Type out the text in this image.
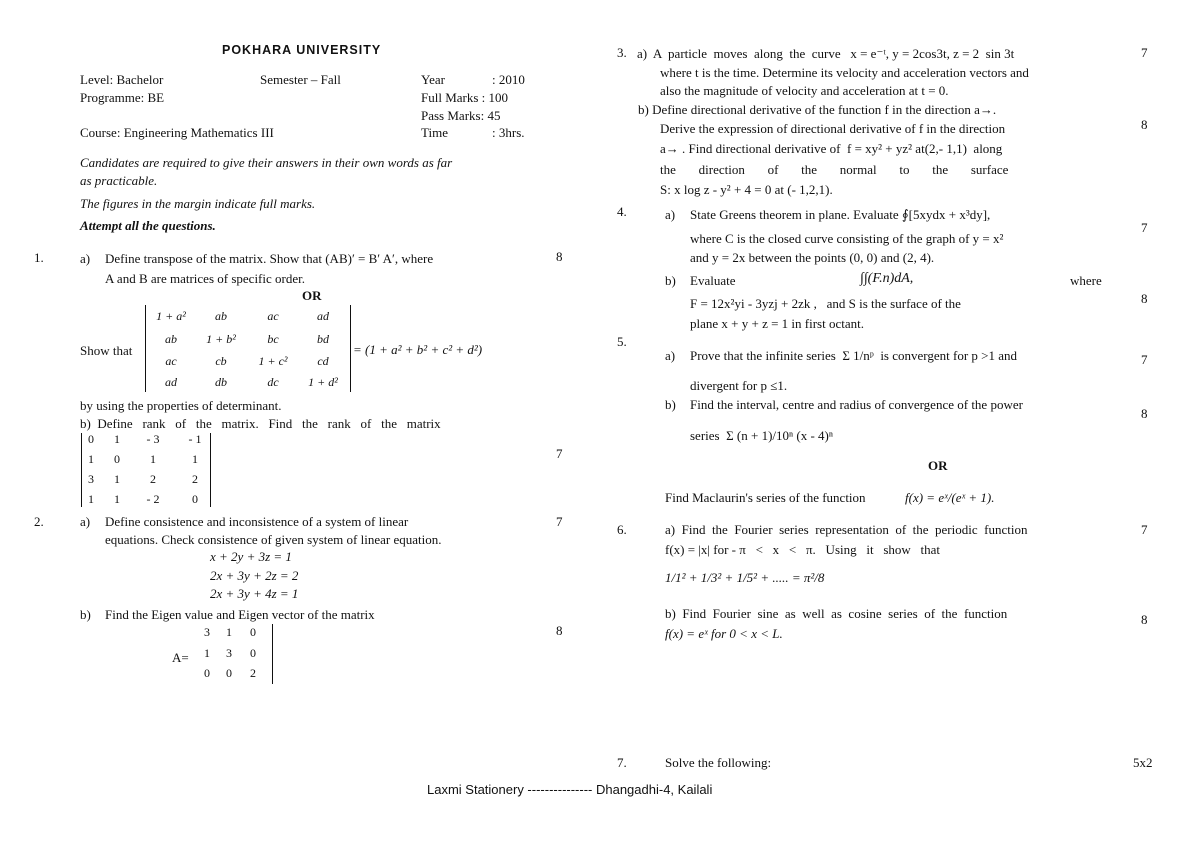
POKHARA UNIVERSITY
Level: Bachelor	Semester – Fall	Year	: 2010
Programme: BE	Full Marks : 100
Pass Marks: 45
Course: Engineering Mathematics III	Time	: 3hrs.
Candidates are required to give their answers in their own words as far
as practicable.
The figures in the margin indicate full marks.
Attempt all the questions.
1.	a) Define transpose of the matrix. Show that (AB)′ = B′ A′, where
A and B are matrices of specific order.
8
OR
Show that
1 + a²	ab	ac	ad
ab	1 + b²	bc	bd
ac	cb	1 + c²	cd
ad	db	dc	1 + d²
= (1 + a² + b² + c² + d²)
by using the properties of determinant.
b)  Define   rank   of   the   matrix.   Find   the   rank   of   the   matrix
7
0	1	- 3	- 1
1	0	1	1
3	1	2	2
1	1	- 2	0
2.	a) Define consistence and inconsistence of a system of linear
equations. Check consistence of given system of linear equation.
7
x + 2y + 3z = 1
2x + 3y + 2z = 2
2x + 3y + 4z = 1
b) Find the Eigen value and Eigen vector of the matrix
8
A=
3	1	0
1	3	0
0	0	2
3. a)  A  particle  moves  along  the  curve   x = e⁻ᵗ, y = 2cos3t, z = 2  sin 3t
where t is the time. Determine its velocity and acceleration vectors and
also the magnitude of velocity and acceleration at t = 0.
7
b) Define directional derivative of the function f in the direction a→.
Derive the expression of directional derivative of f in the direction
a→ . Find directional derivative of  f = xy² + yz² at(2,- 1,1)  along
the       direction       of       the       normal       to       the       surface
S: x log z - y² + 4 = 0 at (- 1,2,1).
8
4.	a) State Greens theorem in plane. Evaluate ∮[5xydx + x³dy],
where C is the closed curve consisting of the graph of y = x²
and y = 2x between the points (0, 0) and (2, 4).
7
b) Evaluate	∫∫(F.n)dA,	where
F = 12x²yi - 3yzj + 2zk ,   and S is the surface of the
plane x + y + z = 1 in first octant.
8
5.
a) Prove that the infinite series  Σ 1/nᵖ  is convergent for p >1 and
divergent for p ≤1.
7
b) Find the interval, centre and radius of convergence of the power
series  Σ (n + 1)/10ⁿ (x - 4)ⁿ
8
OR
Find Maclaurin's series of the function	f(x) = eˣ/(eˣ + 1).
6.	a)  Find  the  Fourier  series  representation  of  the  periodic  function
f(x) = |x| for - π   <   x   <   π.   Using   it   show   that
1/1² + 1/3² + 1/5² + ..... = π²/8
7
b)  Find  Fourier  sine  as  well  as  cosine  series  of  the  function
f(x) = eˣ for 0 < x < L.
8
7.	Solve the following:	5x2
Laxmi Stationery --------------- Dhangadhi-4, Kailali
